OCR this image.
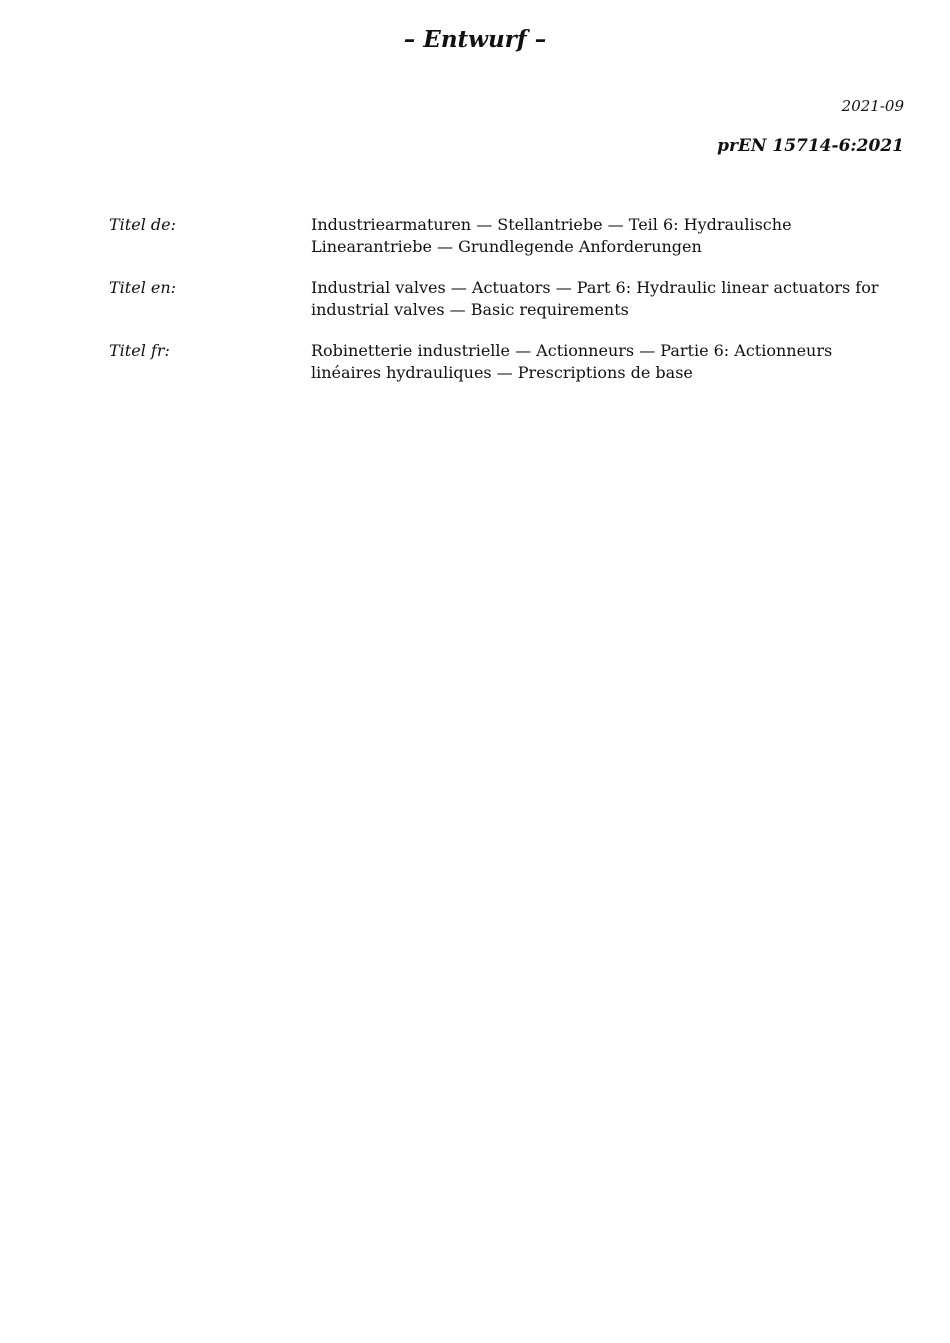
– Entwurf –
2021-09
prEN 15714-6:2021
Titel de:	Industriearmaturen — Stellantriebe — Teil 6: Hydraulische Linearantriebe — Grundlegende Anforderungen
Titel en:	Industrial valves — Actuators — Part 6: Hydraulic linear actuators for industrial valves — Basic requirements
Titel fr:	Robinetterie industrielle — Actionneurs — Partie 6: Actionneurs linéaires hydrauliques — Prescriptions de base
